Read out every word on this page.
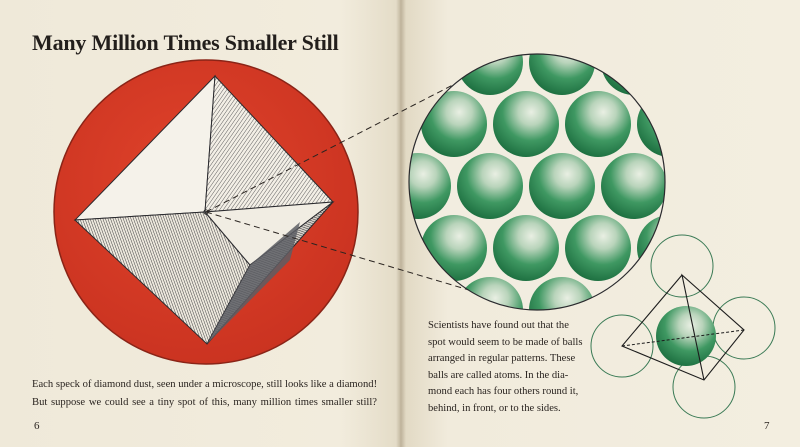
Many Million Times Smaller Still
Each speck of diamond dust, seen under a microscope, still looks like a diamond!
But suppose we could see a tiny spot of this, many million times smaller still?
Scientists have found out that the
spot would seem to be made of balls
arranged in regular patterns. These
balls are called atoms. In the dia-
mond each has four others round it,
behind, in front, or to the sides.
6	7
